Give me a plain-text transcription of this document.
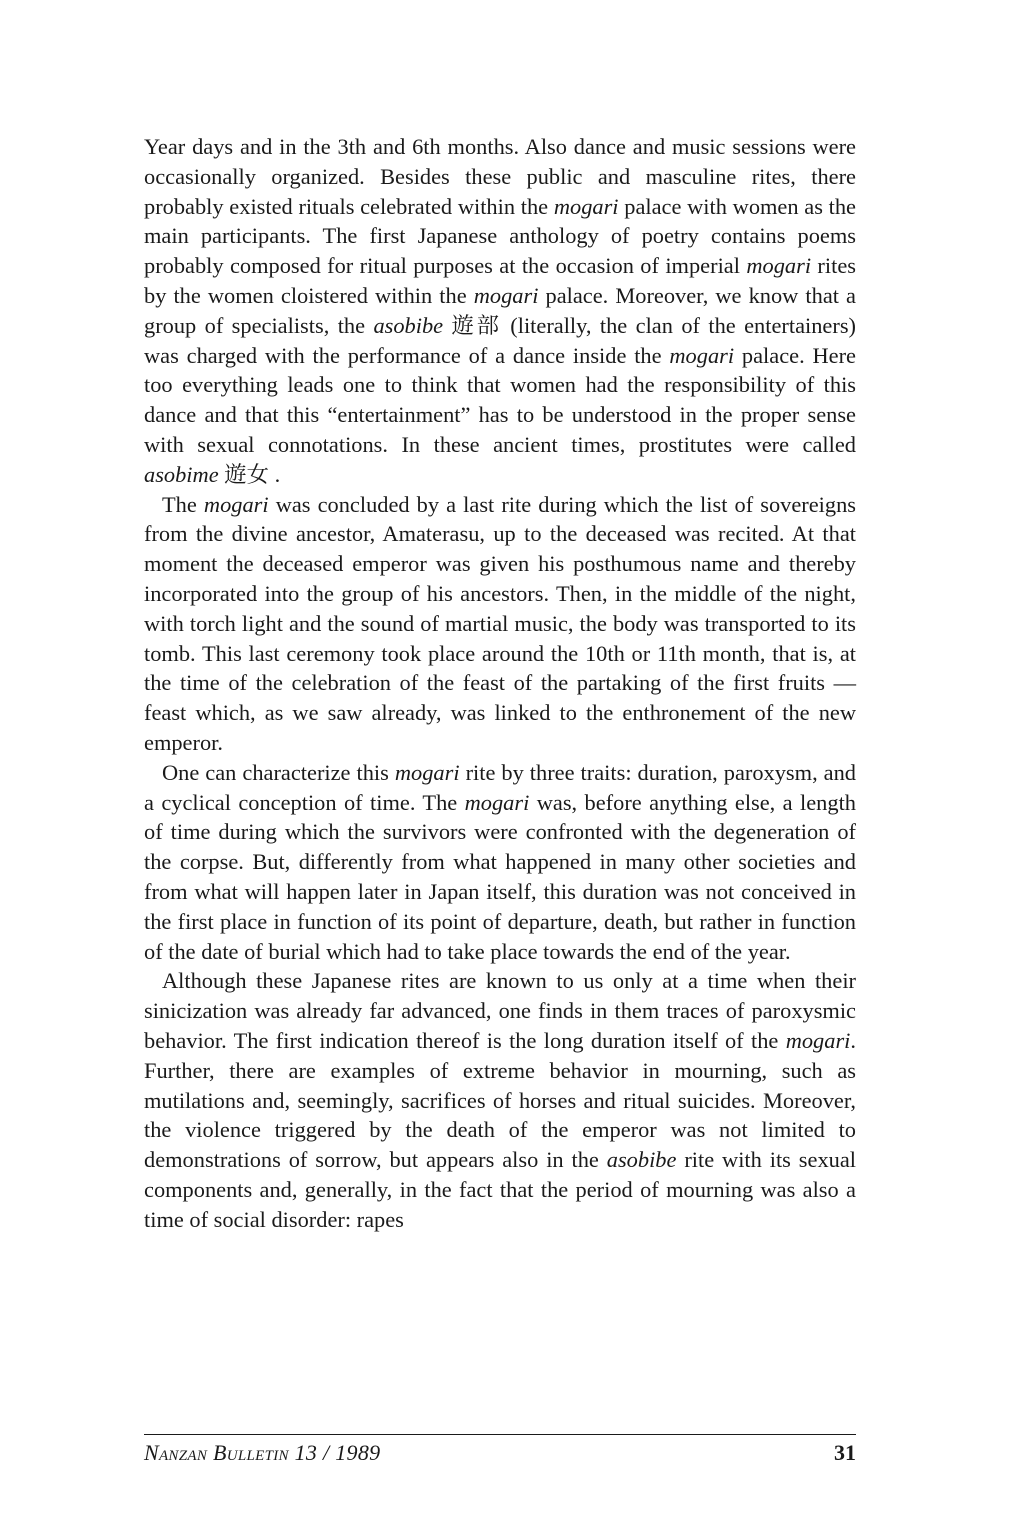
Year days and in the 3th and 6th months. Also dance and music sessions were occasionally organized. Besides these public and masculine rites, there probably existed rituals celebrated within the mogari palace with women as the main participants. The first Japanese anthology of poetry contains poems probably composed for ritual purposes at the occasion of imperial mogari rites by the women cloistered within the mogari palace. Moreover, we know that a group of specialists, the asobibe 遊部 (literally, the clan of the entertainers) was charged with the performance of a dance inside the mogari palace. Here too everything leads one to think that women had the responsibility of this dance and that this “entertainment” has to be understood in the proper sense with sexual connotations. In these ancient times, prostitutes were called asobime 遊女 .

The mogari was concluded by a last rite during which the list of sovereigns from the divine ancestor, Amaterasu, up to the deceased was recited. At that moment the deceased emperor was given his posthumous name and thereby incorporated into the group of his ancestors. Then, in the middle of the night, with torch light and the sound of martial music, the body was transported to its tomb. This last ceremony took place around the 10th or 11th month, that is, at the time of the celebration of the feast of the partaking of the first fruits — feast which, as we saw already, was linked to the enthronement of the new emperor.

One can characterize this mogari rite by three traits: duration, paroxysm, and a cyclical conception of time. The mogari was, before anything else, a length of time during which the survivors were confronted with the degeneration of the corpse. But, differently from what happened in many other societies and from what will happen later in Japan itself, this duration was not conceived in the first place in function of its point of departure, death, but rather in function of the date of burial which had to take place towards the end of the year.

Although these Japanese rites are known to us only at a time when their sinicization was already far advanced, one finds in them traces of paroxysmic behavior. The first indication thereof is the long duration itself of the mogari. Further, there are examples of extreme behavior in mourning, such as mutilations and, seemingly, sacrifices of horses and ritual suicides. Moreover, the violence triggered by the death of the emperor was not limited to demonstrations of sorrow, but appears also in the asobibe rite with its sexual components and, generally, in the fact that the period of mourning was also a time of social disorder: rapes

Nanzan Bulletin 13 / 1989	31
